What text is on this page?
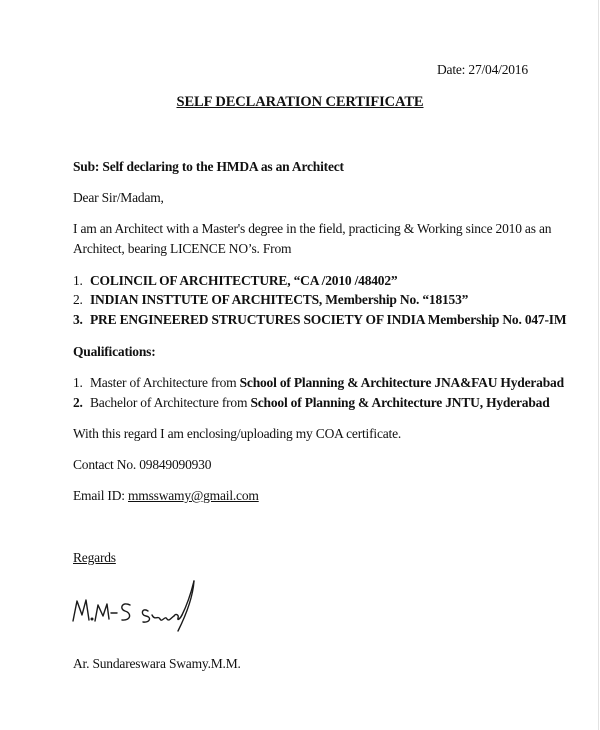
Date: 27/04/2016
SELF DECLARATION CERTIFICATE
Sub: Self declaring to the HMDA as an Architect
Dear Sir/Madam,
I am an Architect with a Master's degree in the field, practicing & Working since 2010 as an
Architect, bearing LICENCE NO’s. From
1. COLINCIL OF ARCHITECTURE, “CA /2010 /48402”
2. INDIAN INSTTUTE OF ARCHITECTS, Membership No. “18153”
3. PRE ENGINEERED STRUCTURES SOCIETY OF INDIA Membership No. 047-IM
Qualifications:
1. Master of Architecture from School of Planning & Architecture JNA&FAU Hyderabad
2. Bachelor of Architecture from School of Planning & Architecture JNTU, Hyderabad
With this regard I am enclosing/uploading my COA certificate.
Contact No. 09849090930
Email ID: mmsswamy@gmail.com
Regards
Ar. Sundareswara Swamy.M.M.
